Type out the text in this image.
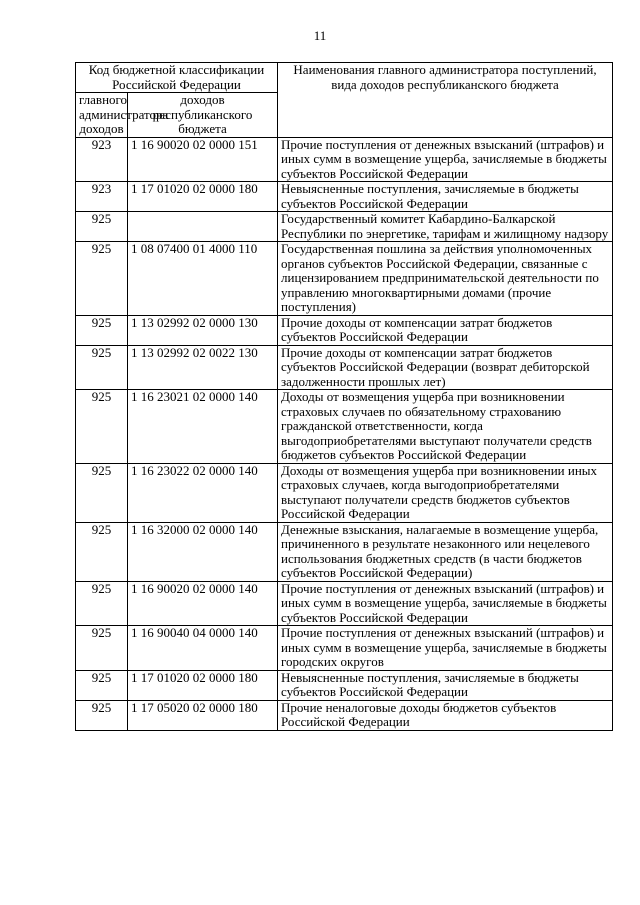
11
Код бюджетной классификации Российской Федерации		Наименования главного администратора поступлений, вида доходов республиканского бюджета
главного администратора доходов	доходов республиканского бюджета	
923	1 16 90020 02 0000 151	Прочие поступления от денежных взысканий (штрафов) и иных сумм в возмещение ущерба, зачисляемые в бюджеты субъектов Российской Федерации
923	1 17 01020 02 0000 180	Невыясненные поступления, зачисляемые в бюджеты субъектов Российской Федерации
925		Государственный комитет Кабардино-Балкарской Республики по энергетике, тарифам и жилищному надзору
925	1 08 07400 01 4000 110	Государственная пошлина за действия уполномоченных органов субъектов Российской Федерации, связанные с лицензированием предпринимательской деятельности по управлению многоквартирными домами (прочие поступления)
925	1 13 02992 02 0000 130	Прочие доходы от компенсации затрат бюджетов субъектов Российской Федерации
925	1 13 02992 02 0022 130	Прочие доходы от компенсации затрат бюджетов субъектов Российской Федерации (возврат дебиторской задолженности прошлых лет)
925	1 16 23021 02 0000 140	Доходы от возмещения ущерба при возникновении страховых случаев по обязательному страхованию гражданской ответственности, когда выгодоприобретателями выступают получатели средств бюджетов субъектов Российской Федерации
925	1 16 23022 02 0000 140	Доходы от возмещения ущерба при возникновении иных страховых случаев, когда выгодоприобретателями выступают получатели средств бюджетов субъектов Российской Федерации
925	1 16 32000 02 0000 140	Денежные взыскания, налагаемые в возмещение ущерба, причиненного в результате незаконного или нецелевого использования бюджетных средств (в части бюджетов субъектов Российской Федерации)
925	1 16 90020 02 0000 140	Прочие поступления от денежных взысканий (штрафов) и иных сумм в возмещение ущерба, зачисляемые в бюджеты субъектов Российской Федерации
925	1 16 90040 04 0000 140	Прочие поступления от денежных взысканий (штрафов) и иных сумм в возмещение ущерба, зачисляемые в бюджеты городских округов
925	1 17 01020 02 0000 180	Невыясненные поступления, зачисляемые в бюджеты субъектов Российской Федерации
925	1 17 05020 02 0000 180	Прочие неналоговые доходы бюджетов субъектов Российской Федерации
